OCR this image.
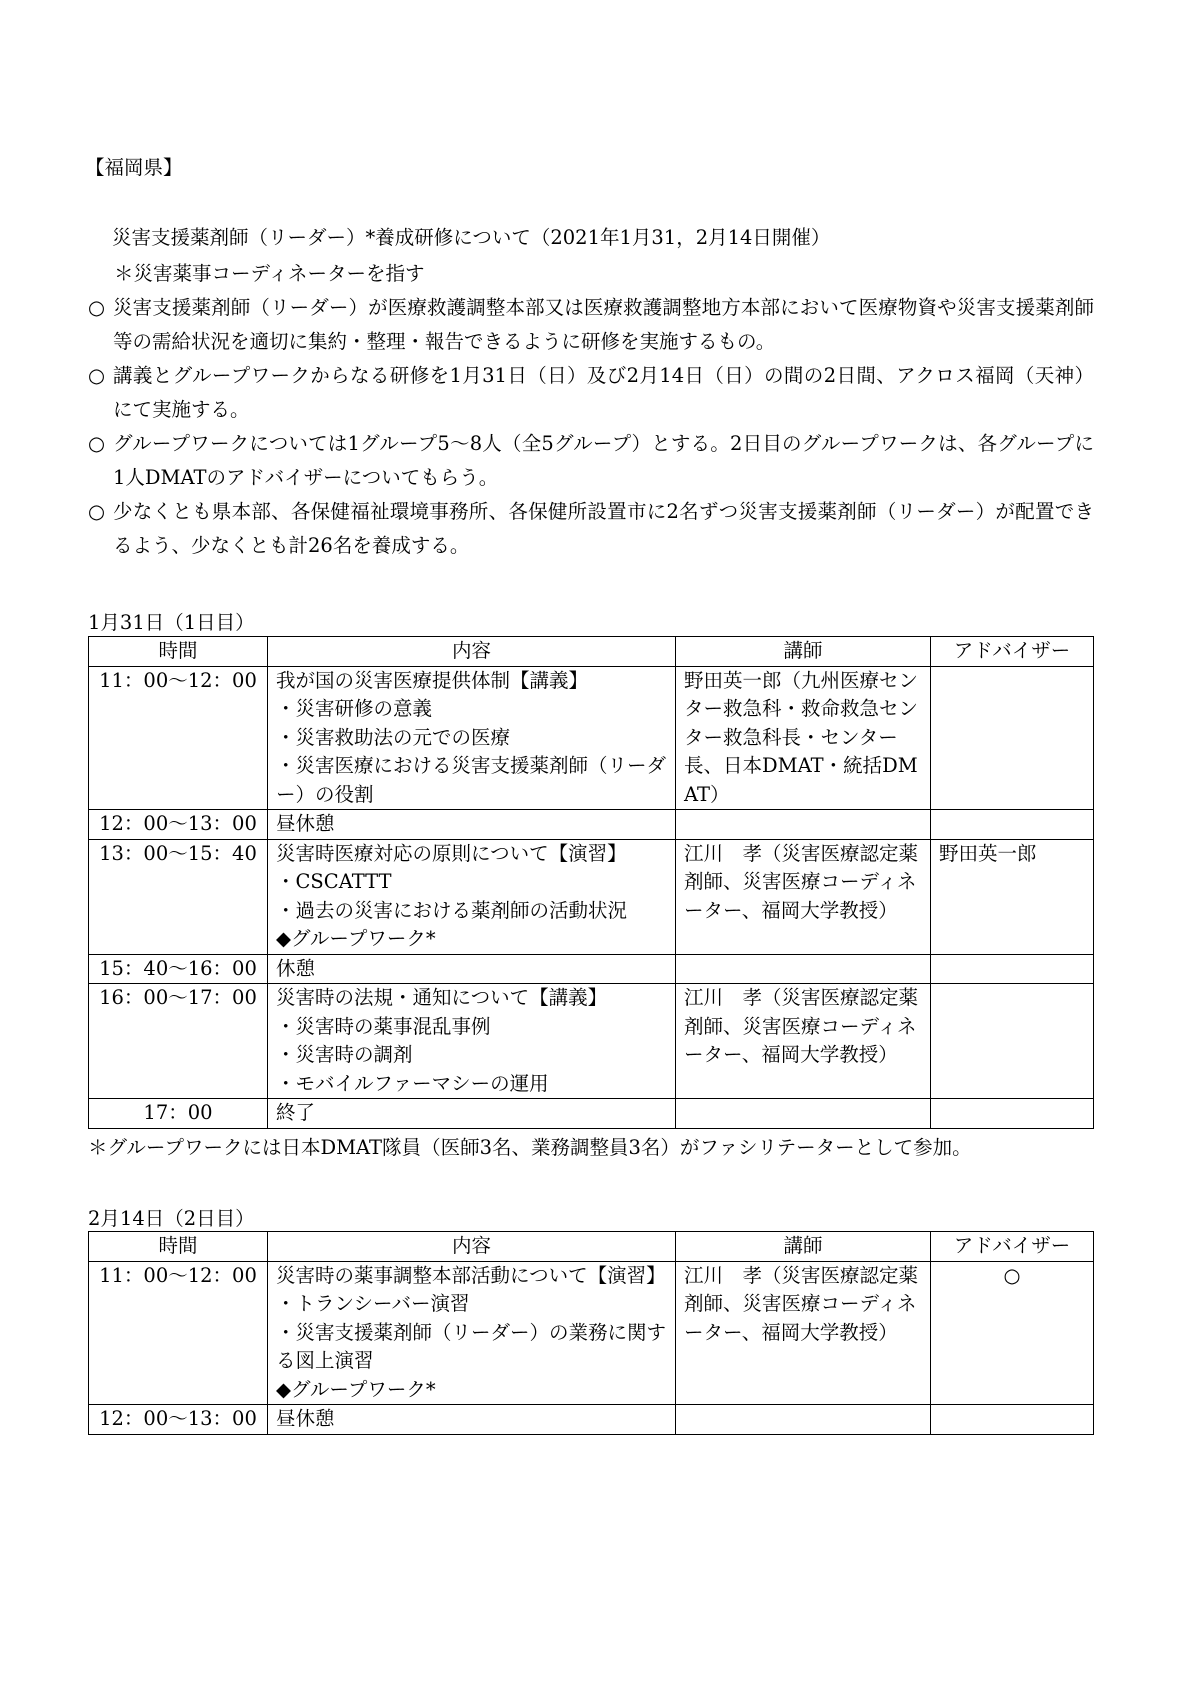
【福岡県】
災害支援薬剤師（リーダー）*養成研修について（2021年1月31，2月14日開催）
＊災害薬事コーディネーターを指す

○ 災害支援薬剤師（リーダー）が医療救護調整本部又は医療救護調整地方本部において医療物資や災害支援薬剤師等の需給状況を適切に集約・整理・報告できるように研修を実施するもの。

○ 講義とグループワークからなる研修を1月31日（日）及び2月14日（日）の間の2日間、アクロス福岡（天神）にて実施する。

○ グループワークについては1グループ5～8人（全5グループ）とする。2日目のグループワークは、各グループに1人DMATのアドバイザーについてもらう。

○ 少なくとも県本部、各保健福祉環境事務所、各保健所設置市に2名ずつ災害支援薬剤師（リーダー）が配置できるよう、少なくとも計26名を養成する。

1月31日（1日目）
時間	内容	講師	アドバイザー
11：00～12：00	我が国の災害医療提供体制【講義】
・災害研修の意義
・災害救助法の元での医療
・災害医療における災害支援薬剤師（リーダー）の役割	野田英一郎（九州医療センター救急科・救命救急センター救急科長・センター長、日本DMAT・統括DMAT）	

12：00～13：00	昼休憩		

13：00～15：40	災害時医療対応の原則について【演習】
・CSCATTT
・過去の災害における薬剤師の活動状況
◆グループワーク*	江川　孝（災害医療認定薬剤師、災害医療コーディネーター、福岡大学教授）	野田英一郎
15：40～16：00	休憩		

16：00～17：00	災害時の法規・通知について【講義】
・災害時の薬事混乱事例
・災害時の調剤
・モバイルファーマシーの運用	江川　孝（災害医療認定薬剤師、災害医療コーディネーター、福岡大学教授）	

17：00	終了		

＊グループワークには日本DMAT隊員（医師3名、業務調整員3名）がファシリテーターとして参加。
2月14日（2日目）
時間	内容	講師	アドバイザー
11：00～12：00	災害時の薬事調整本部活動について【演習】
・トランシーバー演習
・災害支援薬剤師（リーダー）の業務に関する図上演習
◆グループワーク*	江川　孝（災害医療認定薬剤師、災害医療コーディネーター、福岡大学教授）	○
12：00～13：00	昼休憩		
